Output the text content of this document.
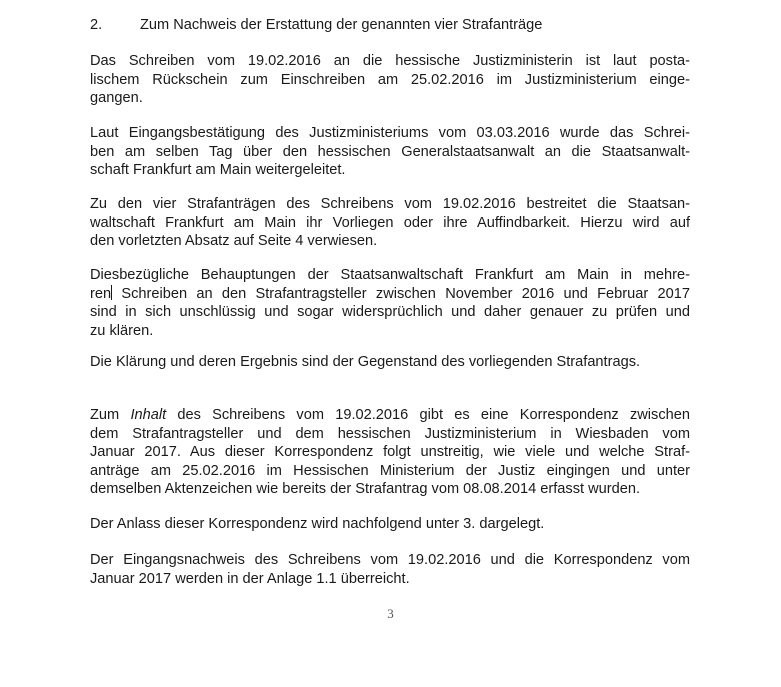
2.	Zum Nachweis der Erstattung der genannten vier Strafanträge
Das Schreiben vom 19.02.2016 an die hessische Justizministerin ist laut posta-
lischem Rückschein zum Einschreiben am 25.02.2016 im Justizministerium einge-
gangen.
Laut Eingangsbestätigung des Justizministeriums vom 03.03.2016 wurde das Schrei-
ben am selben Tag über den hessischen Generalstaatsanwalt an die Staatsanwalt-
schaft Frankfurt am Main weitergeleitet.
Zu den vier Strafanträgen des Schreibens vom 19.02.2016 bestreitet die Staatsan-
waltschaft Frankfurt am Main ihr Vorliegen oder ihre Auffindbarkeit. Hierzu wird auf
den vorletzten Absatz auf Seite 4 verwiesen.
Diesbezügliche Behauptungen der Staatsanwaltschaft Frankfurt am Main in mehre-
ren Schreiben an den Strafantragsteller zwischen November 2016 und Februar 2017
sind in sich unschlüssig und sogar widersprüchlich und daher genauer zu prüfen und
zu klären.
Die Klärung und deren Ergebnis sind der Gegenstand des vorliegenden Strafantrags.
Zum Inhalt des Schreibens vom 19.02.2016 gibt es eine Korrespondenz zwischen
dem Strafantragsteller und dem hessischen Justizministerium in Wiesbaden vom
Januar 2017. Aus dieser Korrespondenz folgt unstreitig, wie viele und welche Straf-
anträge am 25.02.2016 im Hessischen Ministerium der Justiz eingingen und unter
demselben Aktenzeichen wie bereits der Strafantrag vom 08.08.2014 erfasst wurden.
Der Anlass dieser Korrespondenz wird nachfolgend unter 3. dargelegt.
Der Eingangsnachweis des Schreibens vom 19.02.2016 und die Korrespondenz vom
Januar 2017 werden in der Anlage 1.1 überreicht.
3
